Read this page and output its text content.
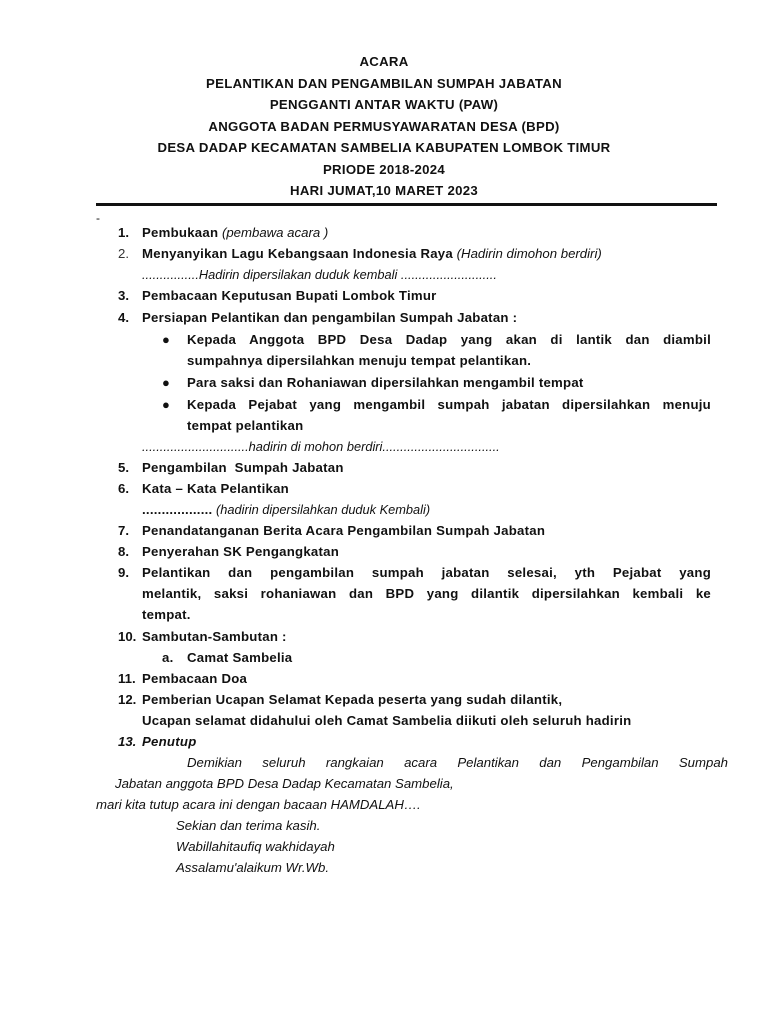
ACARA
PELANTIKAN DAN PENGAMBILAN SUMPAH JABATAN
PENGGANTI ANTAR WAKTU (PAW)
ANGGOTA BADAN PERMUSYAWARATAN DESA (BPD)
DESA DADAP KECAMATAN SAMBELIA KABUPATEN LOMBOK TIMUR
PRIODE 2018-2024
HARI JUMAT,10 MARET 2023
-
1. Pembukaan (pembawa acara )
2. Menyanyikan Lagu Kebangsaan Indonesia Raya (Hadirin dimohon berdiri)
................Hadirin dipersilakan duduk kembali ...........................
3. Pembacaan Keputusan Bupati Lombok Timur
4. Persiapan Pelantikan dan pengambilan Sumpah Jabatan :
● Kepada Anggota BPD Desa Dadap yang akan di lantik dan diambil
sumpahnya dipersilahkan menuju tempat pelantikan.
● Para saksi dan Rohaniawan dipersilahkan mengambil tempat
● Kepada Pejabat yang mengambil sumpah jabatan dipersilahkan menuju
tempat pelantikan
..............................hadirin di mohon berdiri.................................
5. Pengambilan  Sumpah Jabatan
6. Kata – Kata Pelantikan
.................. (hadirin dipersilahkan duduk Kembali)
7. Penandatanganan Berita Acara Pengambilan Sumpah Jabatan
8. Penyerahan SK Pengangkatan
9. Pelantikan dan pengambilan sumpah jabatan selesai, yth Pejabat yang
melantik, saksi rohaniawan dan BPD yang dilantik dipersilahkan kembali ke
tempat.
10. Sambutan-Sambutan :
a. Camat Sambelia
11. Pembacaan Doa
12. Pemberian Ucapan Selamat Kepada peserta yang sudah dilantik,
Ucapan selamat didahului oleh Camat Sambelia diikuti oleh seluruh hadirin
13. Penutup
Demikian seluruh rangkaian acara Pelantikan dan Pengambilan Sumpah
Jabatan anggota BPD Desa Dadap Kecamatan Sambelia,
mari kita tutup acara ini dengan bacaan HAMDALAH….
Sekian dan terima kasih.
Wabillahitaufiq wakhidayah
Assalamu'alaikum Wr.Wb.
